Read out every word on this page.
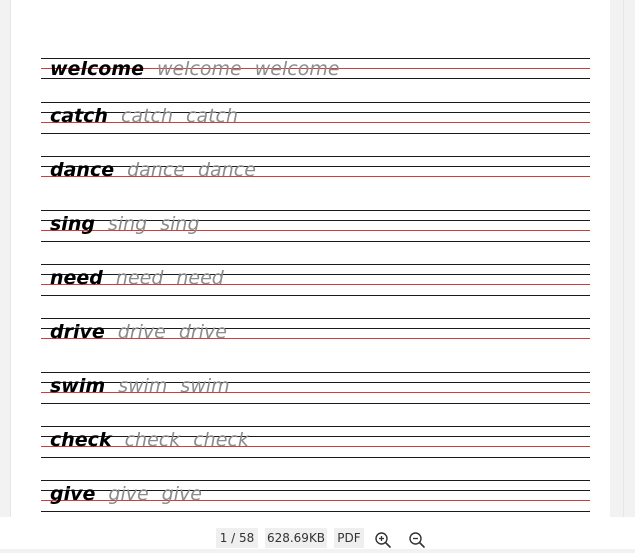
welcome welcome welcome
catch catch catch
dance dance dance
sing sing sing
need need need
drive drive drive
swim swim swim
check check check
give give give
1 / 58	628.69KB PDF
